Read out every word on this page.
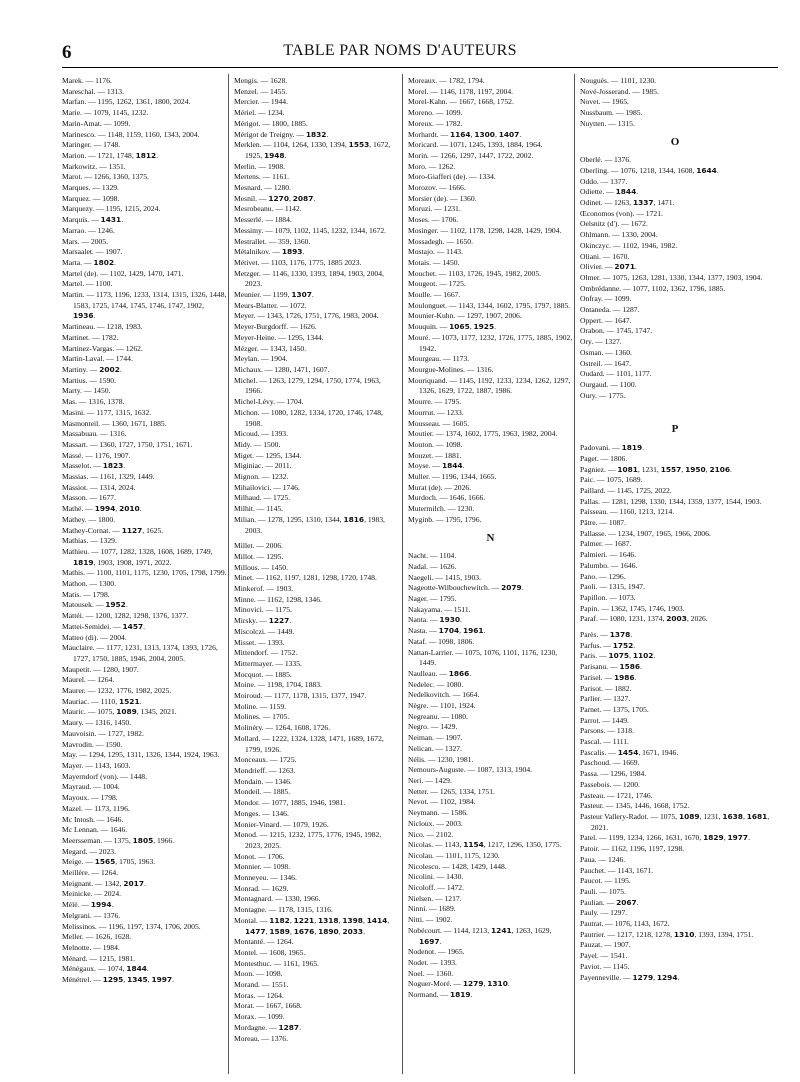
6	TABLE PAR NOMS D'AUTEURS
Marek. — 1176.
Mareschal. — 1313.
Marfan. — 1195, 1262, 1361, 1800, 2024.
Marie. — 1079, 1145, 1232.
Marin-Amat. — 1099.
Marinesco. — 1148, 1159, 1160, 1343, 2004.
Maringer. — 1748.
Marion. — 1721, 1748, 1812.
Markowitz. — 1351.
Marot. — 1266, 1360, 1375.
Marques. — 1329.
Marquez. — 1098.
Marquezy. — 1195, 1215, 2024.
Marquis. — 1431.
Marrao. — 1246.
Mars. — 2005.
Marsaalet. — 1907.
Marta. — 1802.
Martel (de). — 1102, 1429, 1470, 1471.
Martel. — 1100.
Martin. — 1173, 1196, 1233, 1314, 1315, 1326, 1448, 1583, 1725, 1744, 1745, 1746, 1747, 1902, 1936.
Martineau. — 1218, 1983.
Martinet. — 1782.
Martinez-Vargas. — 1262.
Martin-Laval. — 1744.
Martiny. — 2002.
Martius. — 1590.
Marty. — 1450.
Mas. — 1316, 1378.
Masini. — 1177, 1315, 1632.
Masmonteil. — 1360, 1671, 1885.
Massabuau. — 1316.
Massart. — 1360, 1727, 1750, 1751, 1671.
Massé. — 1176, 1907.
Masselot. — 1823.
Massias. — 1161, 1329, 1449.
Massiot. — 1314, 2024.
Masson. — 1677.
Mathé. — 1994, 2010.
Mathey. — 1800.
Mathey-Cornat. — 1127, 1625.
Mathias. — 1329.
Mathieu. — 1077, 1282, 1328, 1608, 1689, 1749, 1819, 1903, 1908, 1971, 2022.
Mathis. — 1100, 1101, 1175, 1230, 1705, 1798, 1799.
Mathon. — 1300.
Matis. — 1798.
Matousek. — 1952.
Mattéi. — 1200, 1282, 1298, 1376, 1377.
Mattei-Semidei. — 1457.
Matteo (di). — 2004.
Mauclaire. — 1177, 1231, 1313, 1374, 1393, 1726, 1727, 1750, 1885, 1946, 2004, 2005.
Maupetit. — 1280, 1907.
Maurel. — 1264.
Maurer. — 1232, 1776, 1982, 2025.
Mauriac. — 1110, 1521.
Mauric. — 1075, 1089, 1345, 2021.
Maury. — 1316, 1450.
Mauvoisin. — 1727, 1982.
Mavrodin. — 1590.
May. — 1294, 1295, 1311, 1326, 1344, 1924, 1963.
Mayer. — 1143, 1603.
Mayerndorf (von). — 1448.
Mayraud. — 1004.
Mayoux. — 1798.
Mazel. — 1173, 1196.
Mc Intosh. — 1646.
Mc Lennan. — 1646.
Meersseman. — 1375, 1805, 1966.
Megard. — 2023.
Meige. — 1565, 1705, 1963.
Meillère. — 1264.
Meignant. — 1342, 2017.
Meinicke. — 2024.
Mélé. — 1994.
Melgrani. — 1376.
Melissinos. — 1196, 1197, 1374, 1706, 2005.
Meller. — 1626, 1628.
Melnotte. — 1984.
Ménard. — 1215, 1981.
Ménégaux. — 1074, 1844.
Ménétrel. — 1295, 1345, 1997.
Mengis. — 1628.
Menzel. — 1455.
Mercier. — 1944.
Mériel. — 1234.
Mérigot. — 1800, 1885.
Mérigot de Treigny. — 1832.
Merklen. — 1104, 1264, 1330, 1394, 1553, 1672, 1925, 1948.
Merlin. — 1908.
Mertens. — 1161.
Mesnard. — 1280.
Mesnil. — 1270, 2087.
Mesrobeanu. — 1142.
Messerlé. — 1884.
Messimy. — 1079, 1102, 1145, 1232, 1344, 1672.
Mestrallet. — 359, 1360.
Métalnikov. — 1893.
Métivet. — 1103, 1176, 1775, 1885 2023.
Metzger. — 1146, 1330, 1393, 1894, 1903, 2004, 2023.
Meunier. — 1199, 1307.
Meurs-Blatter. — 1072.
Meyer. — 1343, 1726, 1751, 1776, 1983, 2004.
Meyer-Burgdorff. — 1626.
Meyer-Heine. — 1295, 1344.
Mézger. — 1343, 1450.
Meylan. — 1904.
Michaux. — 1280, 1471, 1607.
Michel. — 1263, 1279, 1294, 1750, 1774, 1963, 1966.
Michel-Lévy. — 1704.
Michon. — 1080, 1282, 1334, 1720, 1746, 1748, 1908.
Micoud. — 1393.
Midy. — 1500.
Miget. — 1295, 1344.
Miginiac. — 2011.
Mignon. — 1232.
Mihailovici. — 1746.
Milhaud. — 1725.
Milhit. — 1145.
Milian. — 1278, 1295, 1310, 1344, 1816, 1983, 2003.
Millet. — 2006.
Millot. — 1295.
Millous. — 1450.
Minet. — 1162, 1197, 1281, 1298, 1720, 1748.
Minkerof. — 1903.
Minne. — 1162, 1298, 1346.
Minovici. — 1175.
Mirsky. — 1227.
Miscolczi. — 1449.
Misset. — 1393.
Mittendorf. — 1752.
Mittermayer. — 1335.
Mocquot. — 1885.
Moine. — 1198, 1704, 1883.
Moiroud. — 1177, 1178, 1315, 1377, 1947.
Moline. — 1159.
Molines. — 1705.
Molinéry. — 1264, 1608, 1726.
Mollard. — 1222, 1324, 1328, 1471, 1689, 1672, 1799, 1926.
Monceaux. — 1725.
Mondrieff. — 1263.
Mondain. — 1346.
Mondeil. — 1885.
Mondor. — 1077, 1885, 1946, 1981.
Monges. — 1346.
Monier-Vinard. — 1079, 1926.
Monod. — 1215, 1232, 1775, 1776, 1945, 1982, 2023, 2025.
Monot. — 1706.
Monnier. — 1098.
Monneyeu. — 1346.
Monrad. — 1629.
Montagnard. — 1330, 1966.
Montagne. — 1178, 1315, 1316.
Montal. — 1182, 1221, 1318, 1398, 1414, 1477, 1589, 1676, 1890, 2033.
Montanté. — 1264.
Montel. — 1608, 1965.
Montesthuc. — 1161, 1965.
Moon. — 1098.
Morand. — 1551.
Moras. — 1264.
Morat. — 1667, 1668.
Morax. — 1099.
Mordagne. — 1287.
Moreau. — 1376.
Moreaux. — 1782, 1794.
Morel. — 1146, 1178, 1197, 2004.
Morel-Kahn. — 1667, 1668, 1752.
Moreno. — 1099.
Moreux. — 1782.
Morhardt. — 1164, 1300, 1407.
Moricard. — 1071, 1245, 1393, 1884, 1964.
Morin. — 1266, 1297, 1447, 1722, 2002.
Moro. — 1262.
Moro-Giafferi (de). — 1334.
Morozov. — 1666.
Morsier (de). — 1360.
Moruzi. — 1231.
Moses. — 1706.
Mosinger. — 1102, 1178, 1298, 1428, 1429, 1904.
Mossadegh. — 1650.
Mostajo. — 1143.
Motais. — 1450.
Mouchet. — 1103, 1726, 1945, 1982, 2005.
Mougeot. — 1725.
Moulle. — 1667.
Moulonguet. — 1143, 1344, 1602, 1795, 1797, 1885.
Mounier-Kuhn. — 1297, 1907, 2006.
Mouquin. — 1065, 1925.
Mouré. — 1073, 1177, 1232, 1726, 1775, 1885, 1902, 1942.
Mourgeau. — 1173.
Mourgue-Molines. — 1316.
Mouriquand. — 1145, 1192, 1233, 1234, 1262, 1297, 1326, 1629, 1722, 1887, 1986.
Mourre. — 1795.
Mourrut. — 1233.
Mousseau. — 1605.
Moutier. — 1374, 1602, 1775, 1963, 1982, 2004.
Mouton. — 1098.
Mouzet. — 1881.
Moyse. — 1844.
Muller. — 1196, 1344, 1665.
Murat (de). — 2026.
Murdoch. — 1646, 1666.
Mutermilch. — 1230.
Myginb. — 1795, 1796.
N
Nacht. — 1104.
Nadal. — 1626.
Naegeli. — 1415, 1903.
Nageotte-Wilbouchewitch. — 2079.
Nager. — 1795.
Nakayama. — 1511.
Nanta. — 1930.
Nasta. — 1704, 1961.
Nataf. — 1098, 1806.
Nattan-Larrier. — 1075, 1076, 1101, 1176, 1230, 1449.
Naulleau. — 1866.
Nedelec. — 1080.
Nedelkovitch. — 1664.
Nègre. — 1101, 1924.
Negreanu. — 1080.
Negro. — 1429.
Neiman. — 1907.
Nelican. — 1327.
Nélis. — 1230, 1981.
Nemours-Auguste. — 1087, 1313, 1904.
Neri. — 1429.
Netter. — 1265, 1334, 1751.
Nevot. — 1102, 1984.
Neymann. — 1586.
Nicloux. — 2003.
Nico. — 2102.
Nicolas. — 1143, 1154, 1217, 1296, 1350, 1775.
Nicolau. — 1101, 1175, 1230.
Nicolesco. — 1428, 1429, 1448.
Nicolini. — 1430.
Nicoloff. — 1472.
Nielsen. — 1217.
Ninni. — 1689.
Nitti. — 1902.
Nobécourt. — 1144, 1213, 1241, 1263, 1629, 1697.
Nodenot. — 1965.
Nodet. — 1393.
Noel. — 1360.
Noguer-Moré. — 1279, 1310.
Normand. — 1819.
Nougués. — 1101, 1230.
Nové-Josserand. — 1985.
Novet. — 1965.
Nussbaum. — 1985.
Nuytten. — 1315.
O
Oberlé. — 1376.
Oberling. — 1076, 1218, 1344, 1608, 1644.
Oddo. — 1377.
Odiette. — 1844.
Odinet. — 1263, 1337, 1471.
Œconomos (von). — 1721.
Oelsnitz (d'). — 1672.
Ohlmann. — 1330, 2004.
Okinczyc. — 1102, 1946, 1982.
Oliani. — 1670.
Olivier. — 2071.
Olmer. — 1075, 1263, 1281, 1330, 1344, 1377, 1903, 1904.
Ombrédanne. — 1077, 1102, 1362, 1796, 1885.
Onfray. — 1099.
Ontaneda. — 1287.
Oppert. — 1647.
Orabon. — 1745, 1747.
Ory. — 1327.
Osman. — 1360.
Ostreil. — 1647.
Oudard. — 1101, 1177.
Ourgaud. — 1100.
Oury. — 1775.
P
Padovani. — 1819.
Paget. — 1806.
Pagniez. — 1081, 1231, 1557, 1950, 2106.
Paic. — 1075, 1689.
Paillard. — 1145, 1725, 2022.
Pallas. — 1281, 1298, 1330, 1344, 1359, 1377, 1544, 1903.
Paisseau. — 1160, 1213, 1214.
Pâtre. — 1087.
Pallasse. — 1234, 1907, 1965, 1966, 2006.
Palmer. — 1687.
Palmieri. — 1646.
Palumbo. — 1646.
Pano. — 1296.
Paoli. — 1315, 1947.
Papillon. — 1073.
Papin. — 1362, 1745, 1746, 1903.
Paraf. — 1080, 1231, 1374, 2003, 2026.
Parès. — 1378.
Parfus. — 1752.
Paris. — 1075, 1102.
Parisanu. — 1586.
Parisel. — 1986.
Parisot. — 1882.
Parlier. — 1327.
Parnet. — 1375, 1705.
Parrot. — 1449.
Parsons. — 1318.
Pascal. — 1111.
Pascalis. — 1454, 1671, 1946.
Paschoud. — 1669.
Passa. — 1296, 1984.
Passebois. — 1200.
Pasteau. — 1721, 1746.
Pasteur. — 1345, 1446, 1668, 1752.
Pasteur Vallery-Radot. — 1075, 1089, 1231, 1638, 1681, 2021.
Patel. — 1199, 1234, 1266, 1631, 1670, 1829, 1977.
Patoir. — 1162, 1196, 1197, 1298.
Paua. — 1246.
Pauchet. — 1143, 1671.
Paucot. — 1195.
Pauli. — 1075.
Paulian. — 2067.
Pauly. — 1297.
Pautrat. — 1076, 1143, 1672.
Pautrier. — 1217, 1218, 1278, 1310, 1393, 1394, 1751.
Pauzat. — 1907.
Payel. — 1541.
Paviot. — 1145.
Payenneville. — 1279, 1294.
